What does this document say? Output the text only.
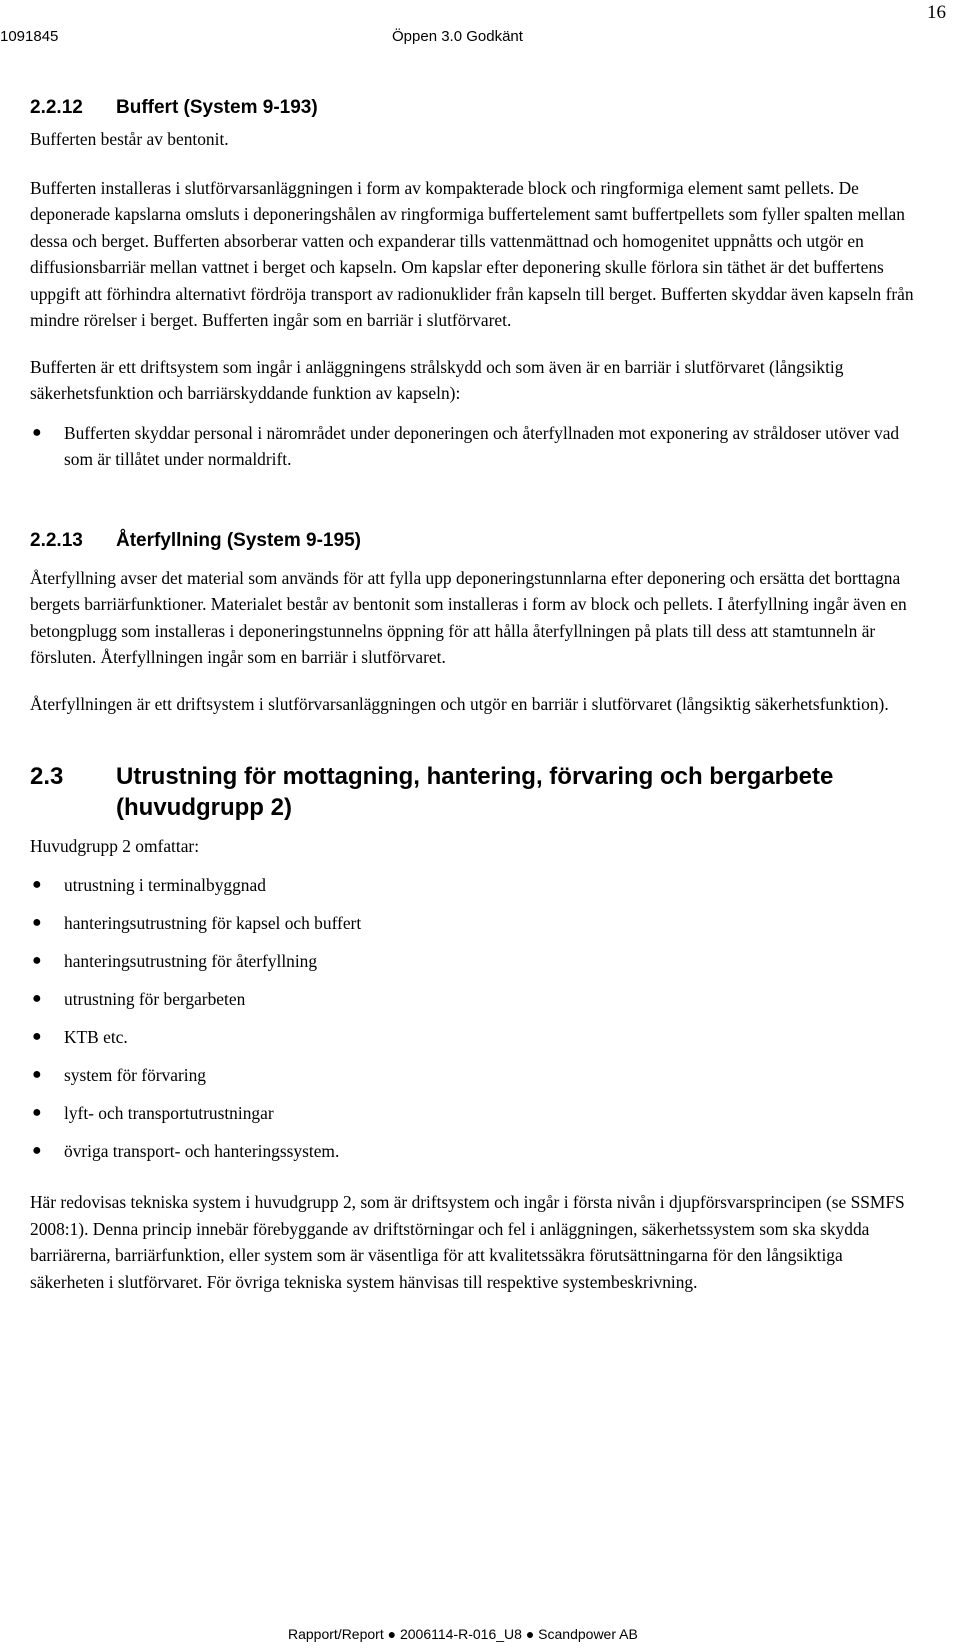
16
1091845	Öppen 3.0 Godkänt
2.2.12	Buffert (System 9-193)

Bufferten består av bentonit.

Bufferten installeras i slutförvarsanläggningen i form av kompakterade block och ringformiga element samt pellets. De deponerade kapslarna omsluts i deponeringshålen av ringformiga buffertelement samt buffertpellets som fyller spalten mellan dessa och berget. Bufferten absorberar vatten och expanderar tills vattenmättnad och homogenitet uppnåtts och utgör en diffusionsbarriär mellan vattnet i berget och kapseln. Om kapslar efter deponering skulle förlora sin täthet är det buffertens uppgift att förhindra alternativt fördröja transport av radionuklider från kapseln till berget. Bufferten skyddar även kapseln från mindre rörelser i berget. Bufferten ingår som en barriär i slutförvaret.

Bufferten är ett driftsystem som ingår i anläggningens strålskydd och som även är en barriär i slutförvaret (långsiktig säkerhetsfunktion och barriärskyddande funktion av kapseln):

● Bufferten skyddar personal i närområdet under deponeringen och återfyllnaden mot exponering av stråldoser utöver vad som är tillåtet under normaldrift.
2.2.13	Återfyllning (System 9-195)

Återfyllning avser det material som används för att fylla upp deponeringstunnlarna efter deponering och ersätta det borttagna bergets barriärfunktioner. Materialet består av bentonit som installeras i form av block och pellets. I återfyllning ingår även en betongplugg som installeras i deponeringstunnelns öppning för att hålla återfyllningen på plats till dess att stamtunneln är försluten. Återfyllningen ingår som en barriär i slutförvaret.

Återfyllningen är ett driftsystem i slutförvarsanläggningen och utgör en barriär i slutförvaret (långsiktig säkerhetsfunktion).

2.3	Utrustning för mottagning, hantering, förvaring och bergarbete (huvudgrupp 2)

Huvudgrupp 2 omfattar:

● utrustning i terminalbyggnad
● hanteringsutrustning för kapsel och buffert
● hanteringsutrustning för återfyllning
● utrustning för bergarbeten
● KTB etc.
● system för förvaring
● lyft- och transportutrustningar
● övriga transport- och hanteringssystem.

Här redovisas tekniska system i huvudgrupp 2, som är driftsystem och ingår i första nivån i djupförsvarsprincipen (se SSMFS 2008:1). Denna princip innebär förebyggande av driftstörningar och fel i anläggningen, säkerhetssystem som ska skydda barriärerna, barriärfunktion, eller system som är väsentliga för att kvalitetssäkra förutsättningarna för den långsiktiga säkerheten i slutförvaret. För övriga tekniska system hänvisas till respektive systembeskrivning.

Rapport/Report ● 2006114-R-016_U8 ● Scandpower AB
